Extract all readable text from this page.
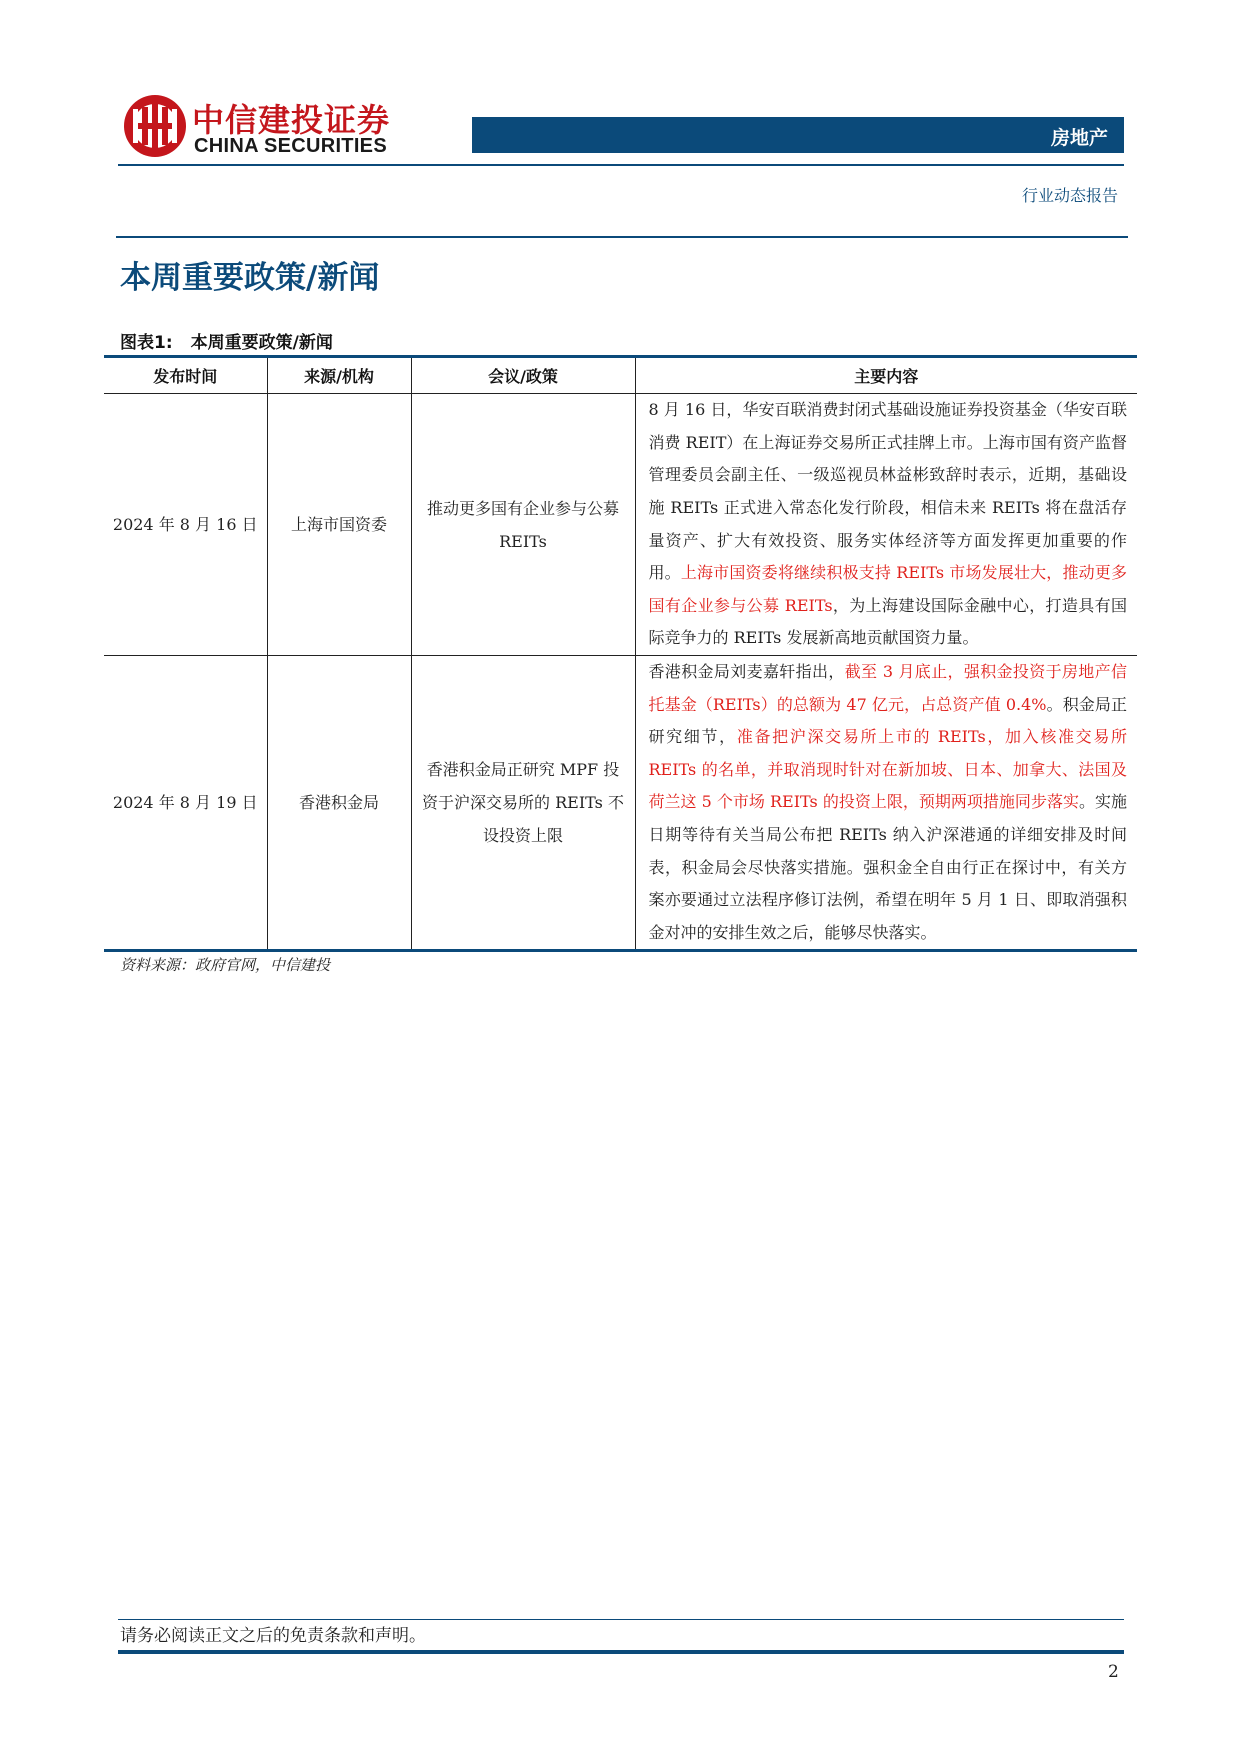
中信建投证券
CHINA SECURITIES	房地产
行业动态报告
本周重要政策/新闻
图表1: 本周重要政策/新闻
发布时间	来源/机构	会议/政策	主要内容
2024 年 8 月 16 日	上海市国资委	推动更多国有企业参与公募 REITs	8 月 16 日，华安百联消费封闭式基础设施证券投资基金（华安百联消费 REIT）在上海证券交易所正式挂牌上市。上海市国有资产监督管理委员会副主任、一级巡视员林益彬致辞时表示，近期，基础设施 REITs 正式进入常态化发行阶段，相信未来 REITs 将在盘活存量资产、扩大有效投资、服务实体经济等方面发挥更加重要的作用。上海市国资委将继续积极支持 REITs 市场发展壮大，推动更多国有企业参与公募 REITs，为上海建设国际金融中心，打造具有国际竞争力的 REITs 发展新高地贡献国资力量。
2024 年 8 月 19 日	香港积金局	香港积金局正研究 MPF 投资于沪深交易所的 REITs 不设投资上限	香港积金局刘麦嘉轩指出，截至 3 月底止，强积金投资于房地产信托基金（REITs）的总额为 47 亿元，占总资产值 0.4%。积金局正研究细节，准备把沪深交易所上市的 REITs，加入核准交易所 REITs 的名单，并取消现时针对在新加坡、日本、加拿大、法国及荷兰这 5 个市场 REITs 的投资上限，预期两项措施同步落实。实施日期等待有关当局公布把 REITs 纳入沪深港通的详细安排及时间表，积金局会尽快落实措施。强积金全自由行正在探讨中，有关方案亦要通过立法程序修订法例，希望在明年 5 月 1 日、即取消强积金对冲的安排生效之后，能够尽快落实。
资料来源：政府官网，中信建投
请务必阅读正文之后的免责条款和声明。
2
